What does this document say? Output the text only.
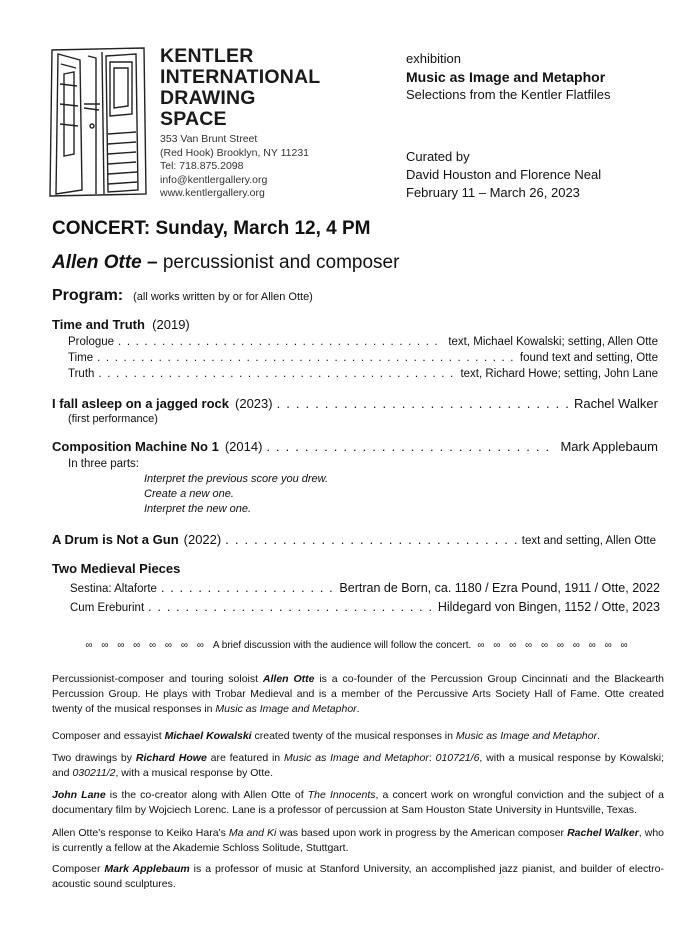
KENTLER
INTERNATIONAL
DRAWING
SPACE
353 Van Brunt Street
(Red Hook) Brooklyn, NY 11231
Tel: 718.875.2098
info@kentlergallery.org
www.kentlergallery.org
exhibition
Music as Image and Metaphor
Selections from the Kentler Flatfiles
Curated by
David Houston and Florence Neal
February 11 – March 26, 2023
CONCERT: Sunday, March 12, 4 PM
Allen Otte – percussionist and composer
Program: (all works written by or for Allen Otte)
Time and Truth (2019)
Prologue . . .	text, Michael Kowalski; setting, Allen Otte
Time . . .	found text and setting, Otte
Truth . . .	text, Richard Howe; setting, John Lane
I fall asleep on a jagged rock (2023) . . .	Rachel Walker
(first performance)
Composition Machine No 1 (2014) . . .	Mark Applebaum
In three parts:
Interpret the previous score you drew.
Create a new one.
Interpret the new one.
A Drum is Not a Gun (2022) . . .	text and setting, Allen Otte
Two Medieval Pieces
Sestina: Altaforte . . .	Bertran de Born, ca. 1180 / Ezra Pound, 1911 / Otte, 2022
Cum Ereburint . . .	Hildegard von Bingen, 1152 / Otte, 2023
∞ ∞ ∞ ∞ ∞ ∞ ∞ ∞ A brief discussion with the audience will follow the concert. ∞ ∞ ∞ ∞ ∞ ∞ ∞ ∞ ∞ ∞
Percussionist-composer and touring soloist Allen Otte is a co-founder of the Percussion Group Cincinnati and the Blackearth Percussion Group. He plays with Trobar Medieval and is a member of the Percussive Arts Society Hall of Fame. Otte created twenty of the musical responses in Music as Image and Metaphor.
Composer and essayist Michael Kowalski created twenty of the musical responses in Music as Image and Metaphor.
Two drawings by Richard Howe are featured in Music as Image and Metaphor: 010721/6, with a musical response by Kowalski; and 030211/2, with a musical response by Otte.
John Lane is the co-creator along with Allen Otte of The Innocents, a concert work on wrongful conviction and the subject of a documentary film by Wojciech Lorenc. Lane is a professor of percussion at Sam Houston State University in Huntsville, Texas.
Allen Otte's response to Keiko Hara's Ma and Ki was based upon work in progress by the American composer Rachel Walker, who is currently a fellow at the Akademie Schloss Solitude, Stuttgart.
Composer Mark Applebaum is a professor of music at Stanford University, an accomplished jazz pianist, and builder of electro-acoustic sound sculptures.
